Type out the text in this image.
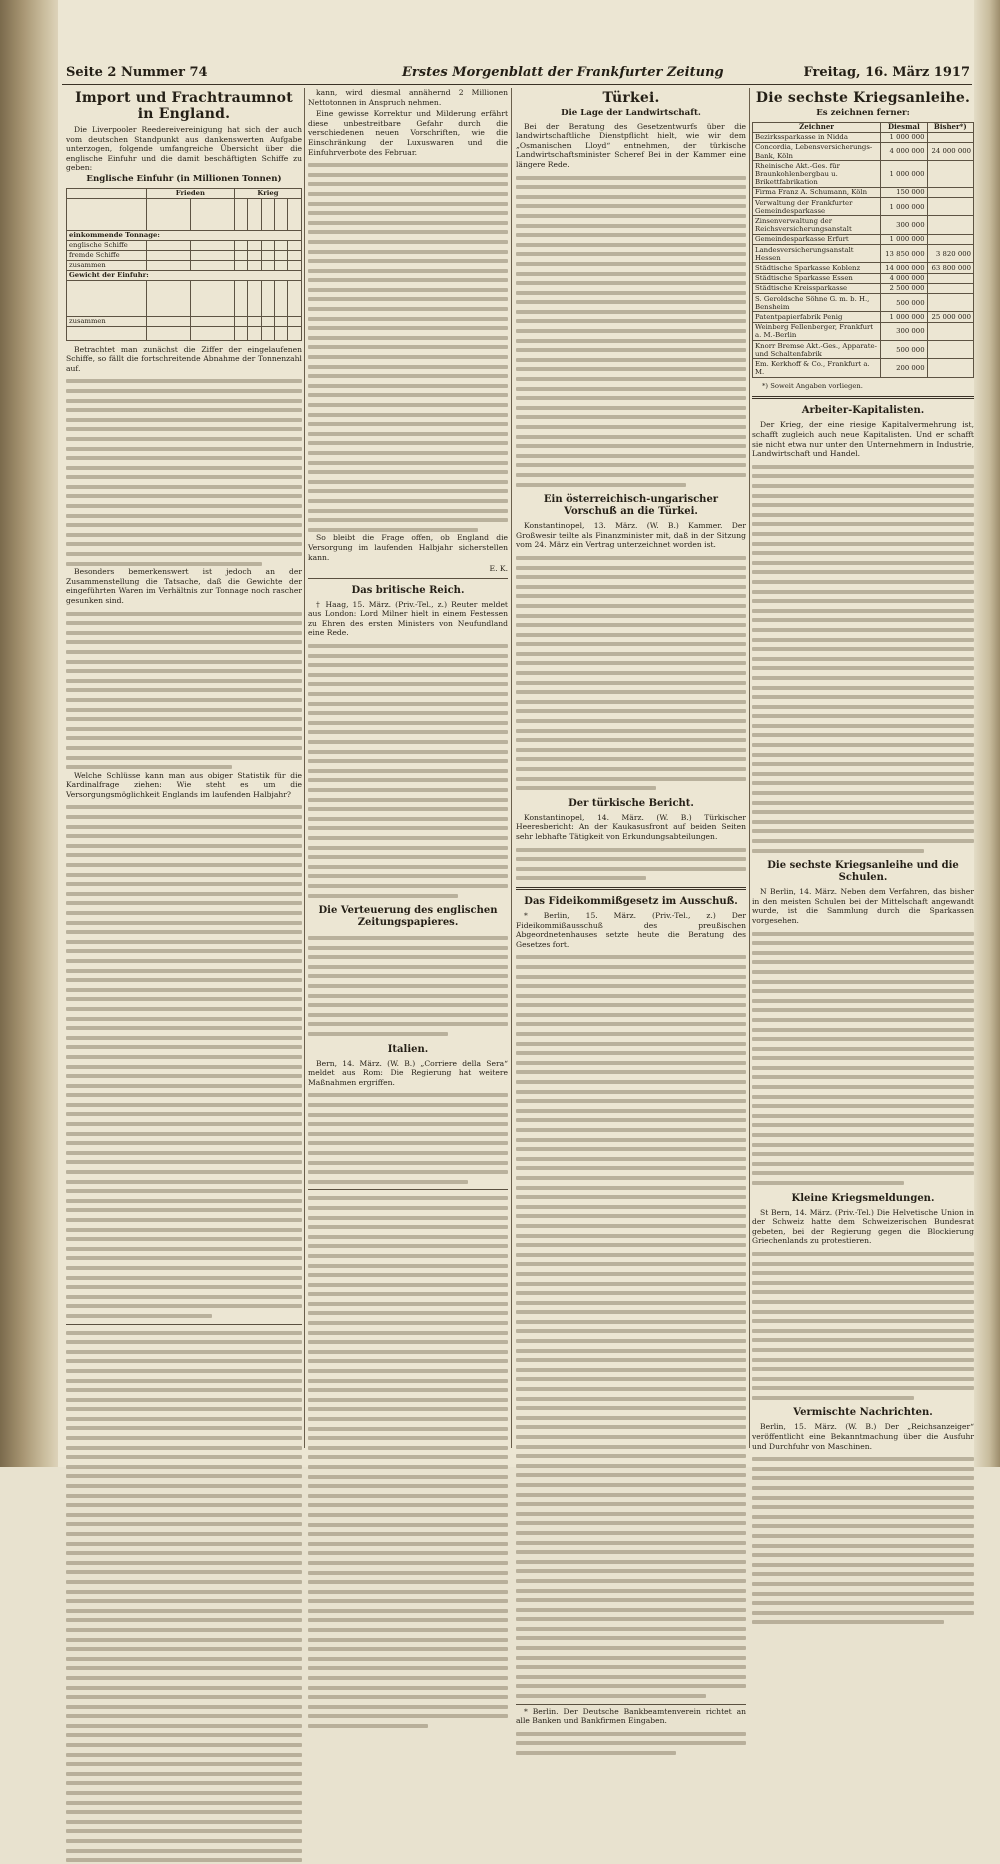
Seite 2 Nummer 74	Erstes Morgenblatt der Frankfurter Zeitung	Freitag, 16. März 1917
Import und Frachtraumnot in England.

Die Liverpooler Reedereivereinigung hat sich der auch vom deutschen Standpunkt aus dankenswerten Aufgabe unterzogen, folgende umfangreiche Übersicht über die englische Einfuhr und die damit beschäftigten Schiffe zu geben:

Englische Einfuhr (in Millionen Tonnen)
	Frieden		Krieg				

einkommende Tonnage:							
englische Schiffe							
fremde Schiffe							
zusammen							
Gewicht der Einfuhr:							

zusammen							

Betrachtet man zunächst die Ziffer der eingelaufenen Schiffe, so fällt die fortschreitende Abnahme der Tonnenzahl auf.

Besonders bemerkenswert ist jedoch an der Zusammenstellung die Tatsache, daß die Gewichte der eingeführten Waren im Verhältnis zur Tonnage noch rascher gesunken sind.

Welche Schlüsse kann man aus obiger Statistik für die Kardinalfrage ziehen: Wie steht es um die Versorgungsmöglichkeit Englands im laufenden Halbjahr?

kann, wird diesmal annähernd 2 Millionen Nettotonnen in Anspruch nehmen.

Eine gewisse Korrektur und Milderung erfährt diese unbestreitbare Gefahr durch die verschiedenen neuen Vorschriften, wie die Einschränkung der Luxuswaren und die Einfuhrverbote des Februar.

So bleibt die Frage offen, ob England die Versorgung im laufenden Halbjahr sicherstellen kann.

E. K.
Das britische Reich.

† Haag, 15. März. (Priv.-Tel., z.) Reuter meldet aus London: Lord Milner hielt in einem Festessen zu Ehren des ersten Ministers von Neufundland eine Rede.

Die Verteuerung des englischen Zeitungspapieres.
Italien.

Bern, 14. März. (W. B.) „Corriere della Sera“ meldet aus Rom: Die Regierung hat weitere Maßnahmen ergriffen.

Türkei.
Die Lage der Landwirtschaft.

Bei der Beratung des Gesetzentwurfs über die landwirtschaftliche Dienstpflicht hielt, wie wir dem „Osmanischen Lloyd“ entnehmen, der türkische Landwirtschaftsminister Scheref Bei in der Kammer eine längere Rede.

Ein österreichisch-ungarischer Vorschuß an die Türkei.

Konstantinopel, 13. März. (W. B.) Kammer. Der Großwesir teilte als Finanzminister mit, daß in der Sitzung vom 24. März ein Vertrag unterzeichnet worden ist.

Der türkische Bericht.

Konstantinopel, 14. März. (W. B.) Türkischer Heeresbericht: An der Kaukasusfront auf beiden Seiten sehr lebhafte Tätigkeit von Erkundungsabteilungen.

Das Fideikommißgesetz im Ausschuß.

* Berlin, 15. März. (Priv.-Tel., z.) Der Fideikommißausschuß des preußischen Abgeordnetenhauses setzte heute die Beratung des Gesetzes fort.

* Berlin. Der Deutsche Bankbeamtenverein richtet an alle Banken und Bankfirmen Eingaben.

Die sechste Kriegsanleihe.
Es zeichnen ferner:
Zeichner	Diesmal	Bisher*)
Bezirkssparkasse in Nidda	1 000 000	
Concordia, Lebensversicherungs-Bank, Köln	4 000 000	24 000 000
Rheinische Akt.-Ges. für Braunkohlenbergbau u. Brikettfabrikation	1 000 000	
Firma Franz A. Schumann, Köln	150 000	
Verwaltung der Frankfurter Gemeindesparkasse	1 000 000	
Zinsenverwaltung der Reichsversicherungsanstalt	300 000	
Gemeindesparkasse Erfurt	1 000 000	
Landesversicherungsanstalt Hessen	13 850 000	3 820 000
Städtische Sparkasse Koblenz	14 000 000	63 800 000
Städtische Sparkasse Essen	4 000 000	
Städtische Kreissparkasse	2 500 000	
S. Geroldsche Söhne G. m. b. H., Bensheim	500 000	
Patentpapierfabrik Penig	1 000 000	25 000 000
Weinberg Fellenberger, Frankfurt a. M.-Berlin	300 000	
Knorr Bremse Akt.-Ges., Apparate- und Schaltenfabrik	500 000	
Em. Kerkhoff & Co., Frankfurt a. M.	200 000	
*) Soweit Angaben vorliegen.
Arbeiter-Kapitalisten.

Der Krieg, der eine riesige Kapitalvermehrung ist, schafft zugleich auch neue Kapitalisten. Und er schafft sie nicht etwa nur unter den Unternehmern in Industrie, Landwirtschaft und Handel.

Die sechste Kriegsanleihe und die Schulen.

N Berlin, 14. März. Neben dem Verfahren, das bisher in den meisten Schulen bei der Mittelschaft angewandt wurde, ist die Sammlung durch die Sparkassen vorgesehen.

Kleine Kriegsmeldungen.

St Bern, 14. März. (Priv.-Tel.) Die Helvetische Union in der Schweiz hatte dem Schweizerischen Bundesrat gebeten, bei der Regierung gegen die Blockierung Griechenlands zu protestieren.

Vermischte Nachrichten.

Berlin, 15. März. (W. B.) Der „Reichsanzeiger“ veröffentlicht eine Bekanntmachung über die Ausfuhr und Durchfuhr von Maschinen.
